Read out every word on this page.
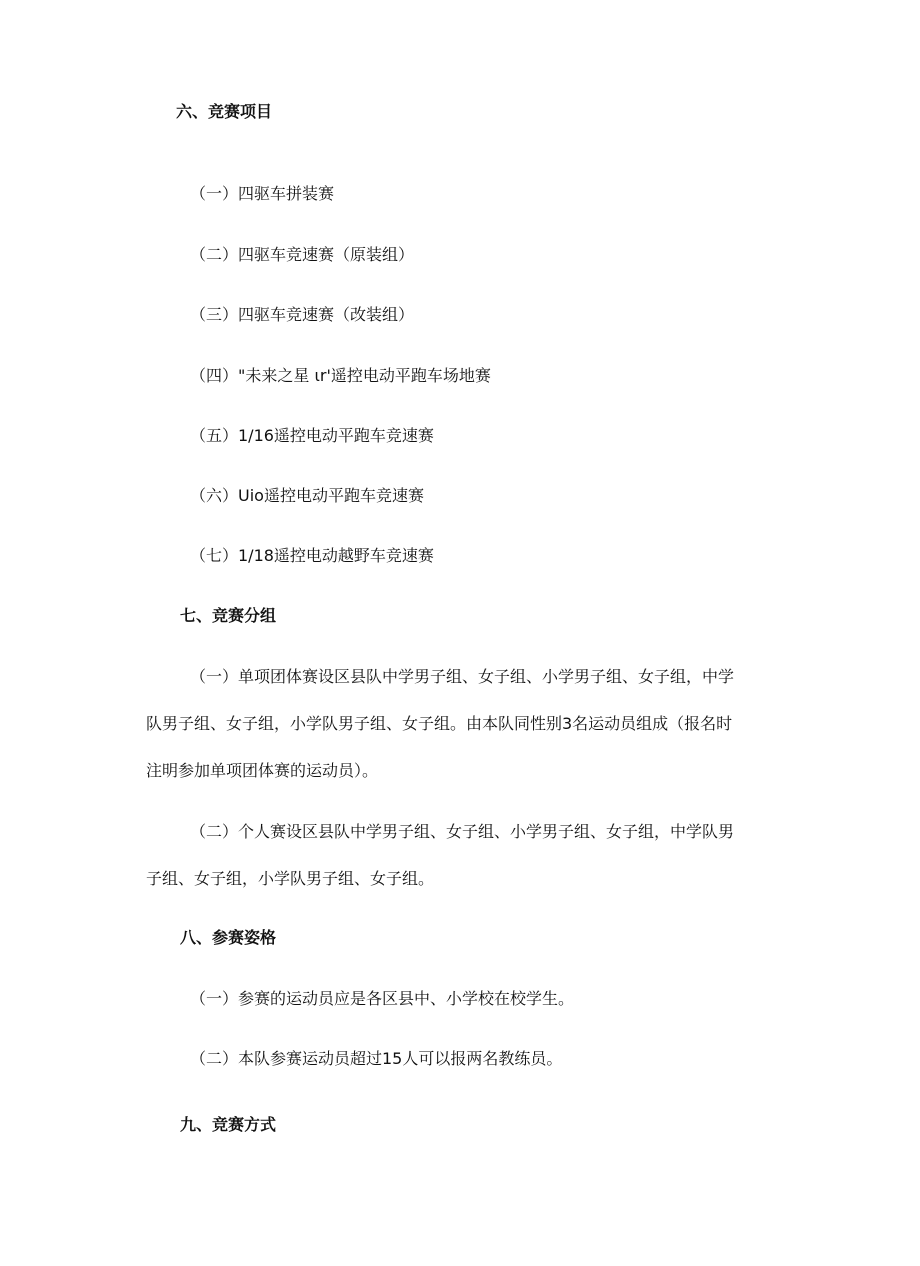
六、竞赛项目
（一）四驱车拼装赛
（二）四驱车竞速赛（原装组）
（三）四驱车竞速赛（改装组）
（四）"未来之星 ιr'遥控电动平跑车场地赛
（五）1/16遥控电动平跑车竞速赛
（六）Uio遥控电动平跑车竞速赛
（七）1/18遥控电动越野车竞速赛
七、竞赛分组
（一）单项团体赛设区县队中学男子组、女子组、小学男子组、女子组，中学
队男子组、女子组，小学队男子组、女子组。由本队同性别3名运动员组成（报名时
注明参加单项团体赛的运动员）。
（二）个人赛设区县队中学男子组、女子组、小学男子组、女子组，中学队男
子组、女子组，小学队男子组、女子组。
八、参赛姿格
（一）参赛的运动员应是各区县中、小学校在校学生。
（二）本队参赛运动员超过15人可以报两名教练员。
九、竞赛方式
